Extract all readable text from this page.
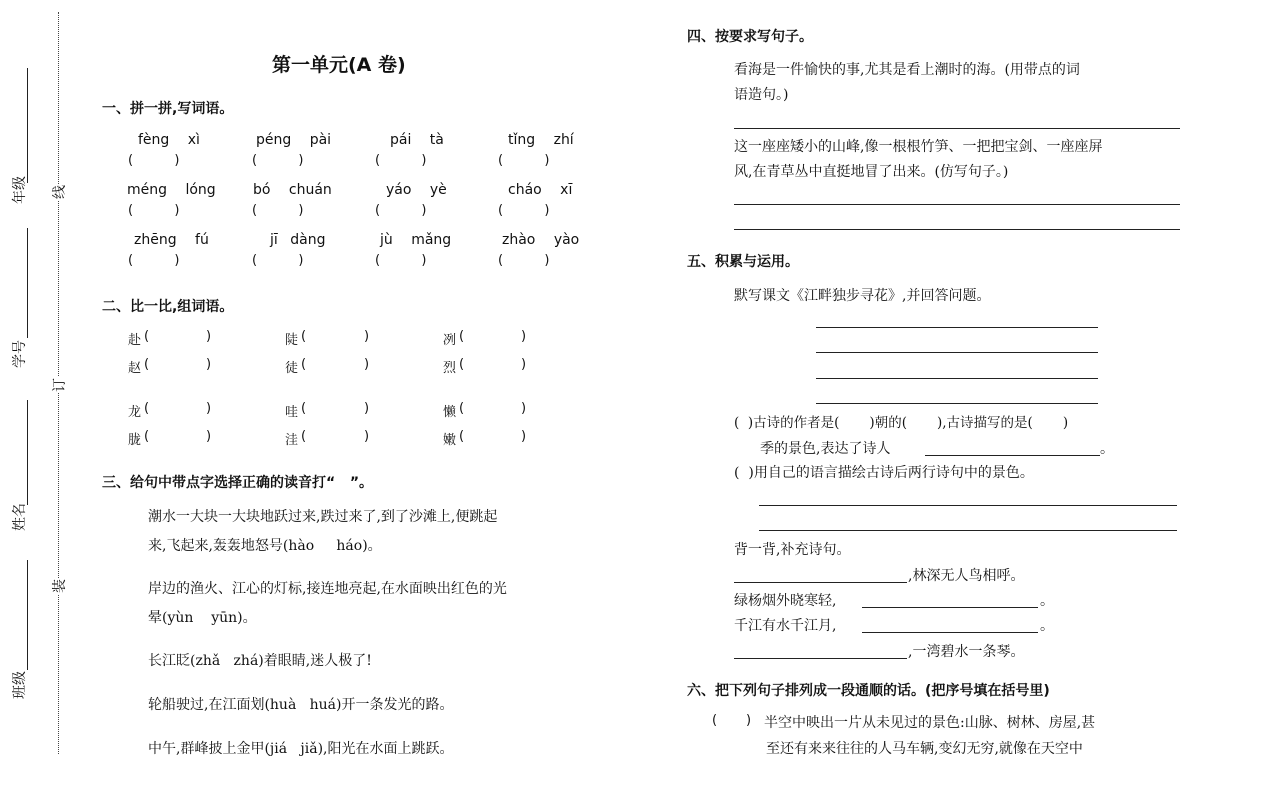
年级
学号
姓名
班级
线
订
装
第一单元(A 卷)
一、拼一拼,写词语。
fèng xì	péng pài	pái tà	tǐng zhí
(          )	(          )	(          )	(          )
méng lóng	bó chuán	yáo yè	cháo xī
(          )	(          )	(          )	(          )
zhēng fú	jī dàng	jù mǎng	zhào yào
(          )	(          )	(          )	(          )
二、比一比,组词语。
赴 (	)	陡 (	)	冽 (	)
赵 (	)	徒 (	)	烈 (	)
龙 (	)	哇 (	)	懒 (	)
胧 (	)	洼 (	)	嫩 (	)
三、给句中带点字选择正确的读音打“   ”。
潮水一大块一大块地跃过来,跌过来了,到了沙滩上,便跳起
来,飞起来,轰轰地怒号(hào     háo)。
岸边的渔火、江心的灯标,接连地亮起,在水面映出红色的光
晕(yùn    yūn)。
长江眨(zhǎ   zhá)着眼睛,迷人极了!
轮船驶过,在江面划(huà   huá)开一条发光的路。
中午,群峰披上金甲(jiá   jiǎ),阳光在水面上跳跃。
四、按要求写句子。
看海是一件愉快的事,尤其是看上潮时的海。(用带点的词
语造句。)
这一座座矮小的山峰,像一根根竹笋、一把把宝剑、一座座屏
风,在青草丛中直挺地冒了出来。(仿写句子。)
五、积累与运用。
默写课文《江畔独步寻花》,并回答问题。
(  )古诗的作者是(       )朝的(       ),古诗描写的是(       )
季的景色,表达了诗人	。
(  )用自己的语言描绘古诗后两行诗句中的景色。
背一背,补充诗句。
,林深无人鸟相呼。
绿杨烟外晓寒轻,	。
千江有水千江月,	。
,一湾碧水一条琴。
六、把下列句子排列成一段通顺的话。(把序号填在括号里)
(       ) 半空中映出一片从未见过的景色:山脉、树林、房屋,甚
至还有来来往往的人马车辆,变幻无穷,就像在天空中
